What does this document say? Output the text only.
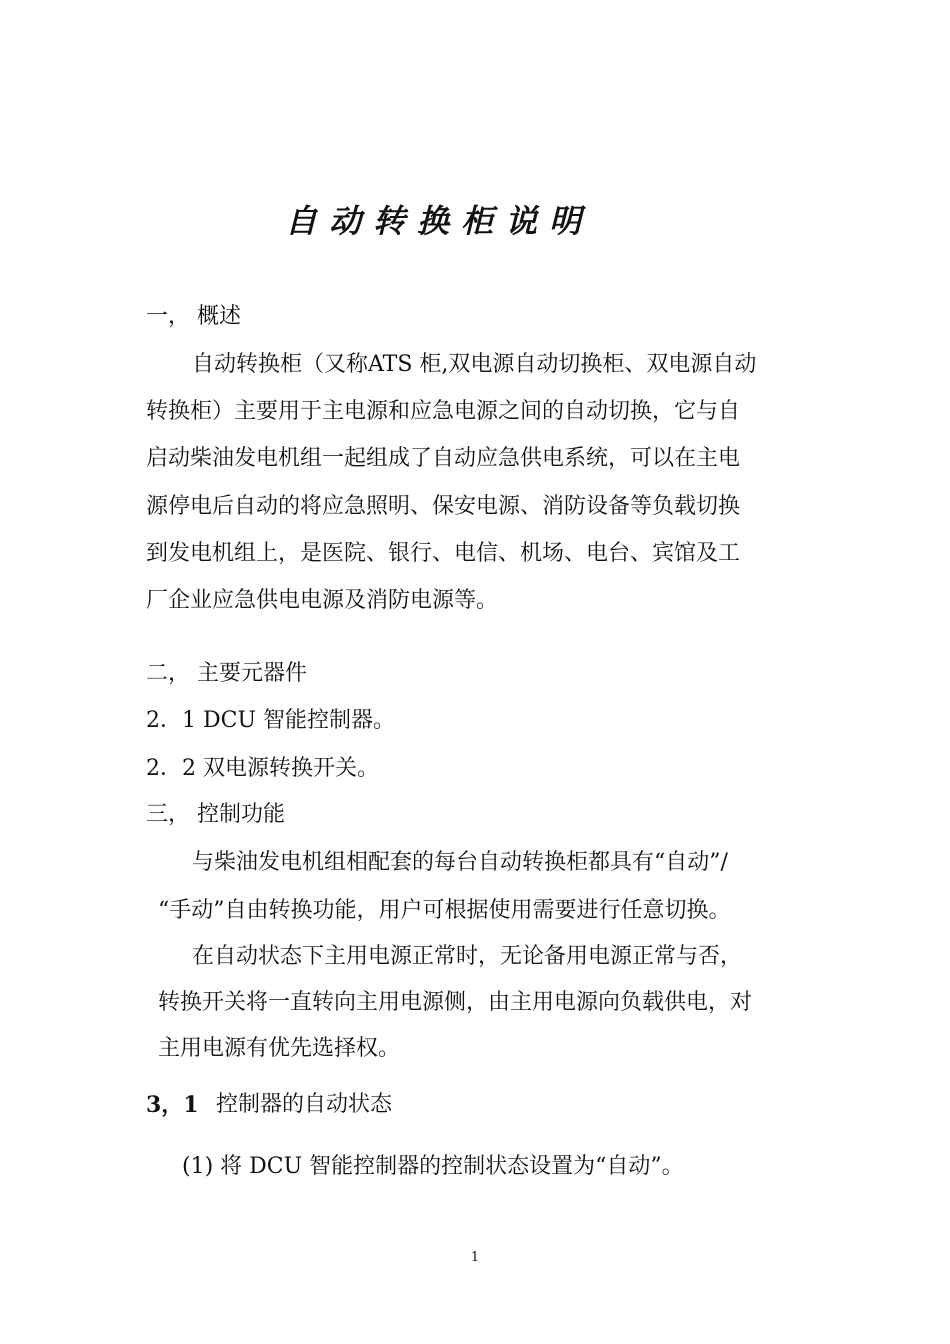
自动转换柜说明
一， 概述
自动转换柜（又称ATS 柜,双电源自动切换柜、双电源自动
转换柜）主要用于主电源和应急电源之间的自动切换，它与自
启动柴油发电机组一起组成了自动应急供电系统，可以在主电
源停电后自动的将应急照明、保安电源、消防设备等负载切换
到发电机组上，是医院、银行、电信、机场、电台、宾馆及工
厂企业应急供电电源及消防电源等。
二， 主要元器件
2．1 DCU 智能控制器。
2．2 双电源转换开关。
三， 控制功能
与柴油发电机组相配套的每台自动转换柜都具有“自动”/
“手动”自由转换功能，用户可根据使用需要进行任意切换。
在自动状态下主用电源正常时，无论备用电源正常与否，
转换开关将一直转向主用电源侧，由主用电源向负载供电，对
主用电源有优先选择权。
3，1 控制器的自动状态
(1) 将 DCU 智能控制器的控制状态设置为“自动”。
1
